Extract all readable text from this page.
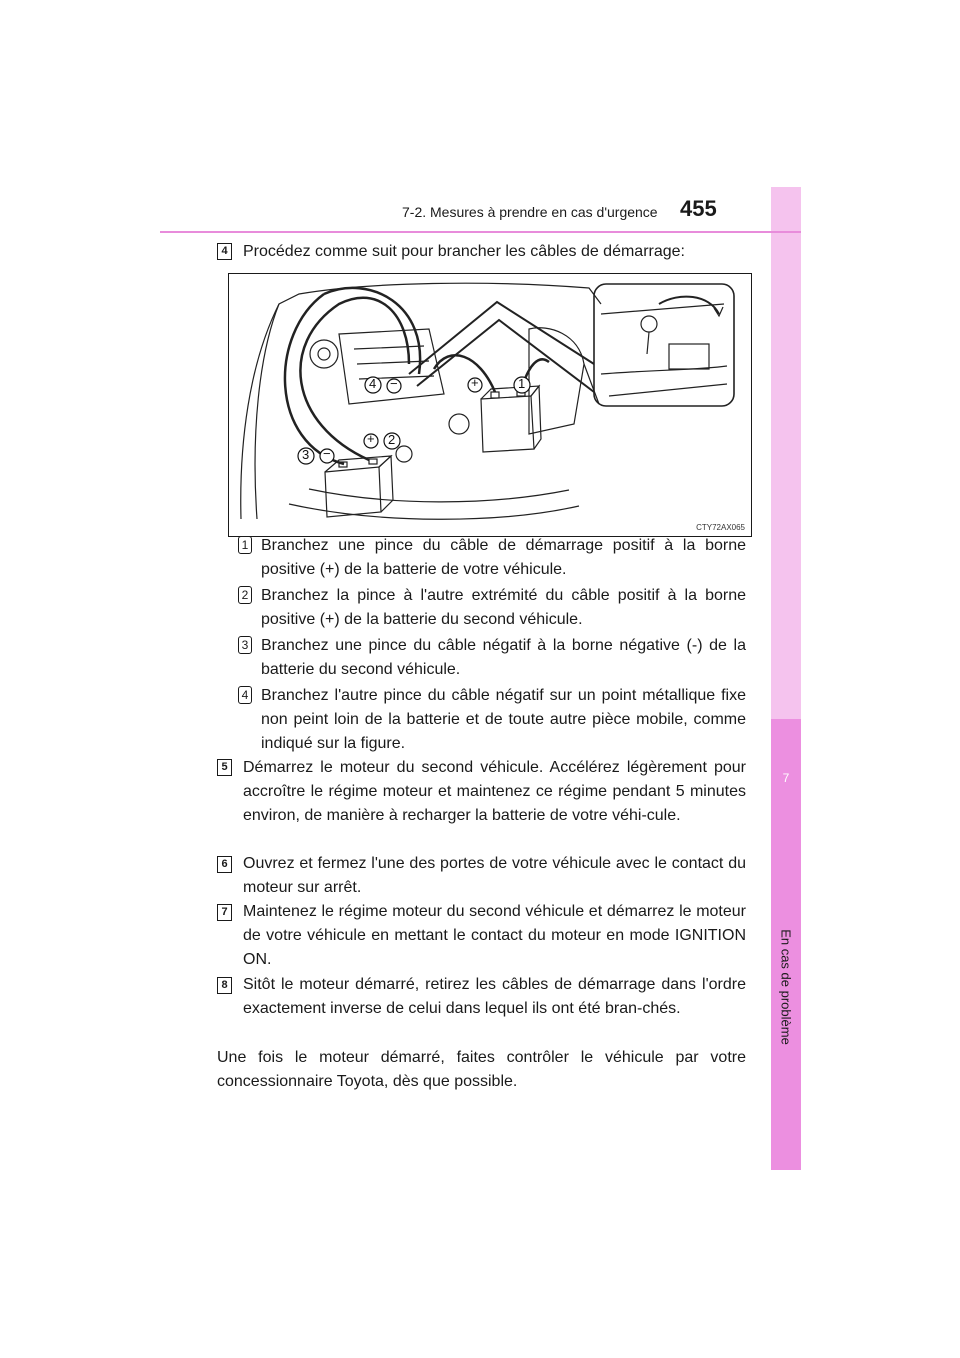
7
En cas de problème
7-2. Mesures à prendre en cas d'urgence 455
4 Procédez comme suit pour brancher les câbles de démarrage:
4 −	+	1
+ 2
3 −
CTY72AX065
1 Branchez une pince du câble de démarrage positif à la borne positive (+) de la batterie de votre véhicule.
2 Branchez la pince à l'autre extrémité du câble positif à la borne positive (+) de la batterie du second véhicule.
3 Branchez une pince du câble négatif à la borne négative (-) de la batterie du second véhicule.
4 Branchez l'autre pince du câble négatif sur un point métallique fixe non peint loin de la batterie et de toute autre pièce mobile, comme indiqué sur la figure.
5 Démarrez le moteur du second véhicule. Accélérez légèrement pour accroître le régime moteur et maintenez ce régime pendant 5 minutes environ, de manière à recharger la batterie de votre véhi-cule.
6 Ouvrez et fermez l'une des portes de votre véhicule avec le contact du moteur sur arrêt.
7 Maintenez le régime moteur du second véhicule et démarrez le moteur de votre véhicule en mettant le contact du moteur en mode IGNITION ON.
8 Sitôt le moteur démarré, retirez les câbles de démarrage dans l'ordre exactement inverse de celui dans lequel ils ont été bran-chés.
Une fois le moteur démarré, faites contrôler le véhicule par votre concessionnaire Toyota, dès que possible.
